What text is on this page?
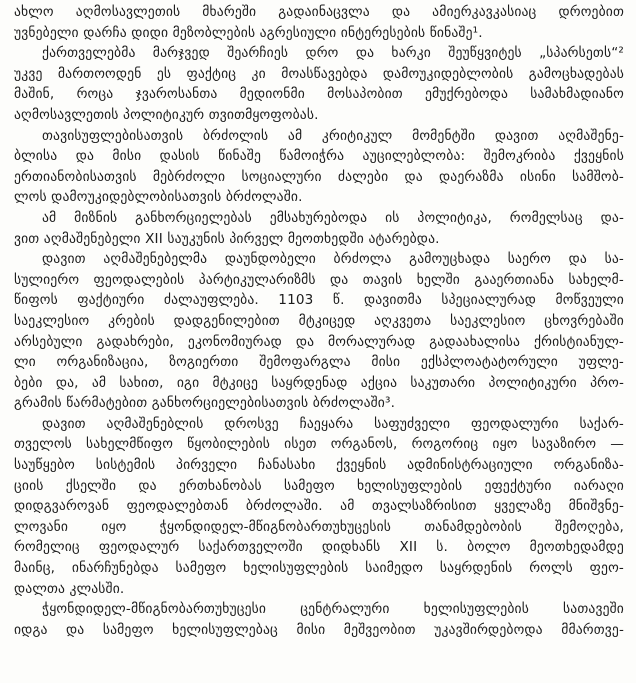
ახლო აღმოსავლეთის მხარეში გადაინაცვლა და ამიერკავკასიაც დროებით
უვნებელი დარჩა დიდი მეზობლების აგრესიული ინტერესების წინაშე¹.
ქართველებმა მარჯვედ შეარჩიეს დრო და ხარკი შეუწყვიტეს „სპარსეთს“²
უკვე მართოოდენ ეს ფაქტიც კი მოასწავებდა დამოუკიდებლობის გამოცხადებას
მაშინ, როცა ჯვაროსანთა მედიონმი მოსაპობით ემუქრებოდა სამახმადიანო
აღმოსავლეთის პოლიტიკურ თვითმყოფობას.
თავისუფლებისათვის ბრძოლის ამ კრიტიკულ მომენტში დავით აღმაშენე-
ბლისა და მისი დასის წინაშე წამოიჭრა აუცილებლობა: შემოკრიბა ქვეყნის
ერთიანობისათვის მებრძოლი სოციალური ძალები და დაერაზმა ისინი სამშობ-
ლოს დამოუკიდებლობისათვის ბრძოლაში.
ამ მიზნის განხორციელებას ემსახურებოდა ის პოლიტიკა, რომელსაც და-
ვით აღმაშენებელი XII საუკუნის პირველ მეოთხედში ატარებდა.
დავით აღმაშენებელმა დაუნდობელი ბრძოლა გამოუცხადა საერო და სა-
სულიერო ფეოდალების პარტიკულარიზმს და თავის ხელში გააერთიანა სახელმ-
წიფოს ფაქტიური ძალაუფლება. 1103 წ. დავითმა სპეციალურად მოწვეული
საეკლესიო კრების დადგენილებით მტკიცედ აღკვეთა საეკლესიო ცხოვრებაში
არსებული გადახრები, ეკონომიურად და მორალურად გადაახალისა ქრისტიანულ-
ლი ორგანიზაცია, ზოგიერთი შემოფარგლა მისი ექსპლოატატორული უფლე-
ბები და, ამ სახით, იგი მტკიცე საყრდენად აქცია საკუთარი პოლიტიკური პრო-
გრამის წარმატებით განხორციელებისათვის ბრძოლაში³.
დავით აღმაშენებლის დროსვე ჩაეყარა საფუძველი ფეოდალური საქარ-
თველოს სახელმწიფო წყობილების ისეთ ორგანოს, როგორიც იყო სავაზირო —
საუწყებო სისტემის პირველი ჩანასახი ქვეყნის ადმინისტრაციული ორგანიზა-
ციის ქსელში და ერთხანობას სამეფო ხელისუფლების ეფექტური იარაღი
დიდგვაროვან ფეოდალებთან ბრძოლაში. ამ თვალსაზრისით ყველაზე მნიშვნე-
ლოვანი იყო ჭყონდიდელ-მწიგნობართუხუცესის თანამდებობის შემოღება,
რომელიც ფეოდალურ საქართველოში დიდხანს XII ს. ბოლო მეოთხედამდე
მაინც, ინარჩუნებდა სამეფო ხელისუფლების საიმედო საყრდენის როლს ფეო-
დალთა კლასში.
ჭყონდიდელ-მწიგნობართუხუცესი ცენტრალური ხელისუფლების სათავეში
იდგა და სამეფო ხელისუფლებაც მისი მეშვეობით უკავშირდებოდა მმართვე-
